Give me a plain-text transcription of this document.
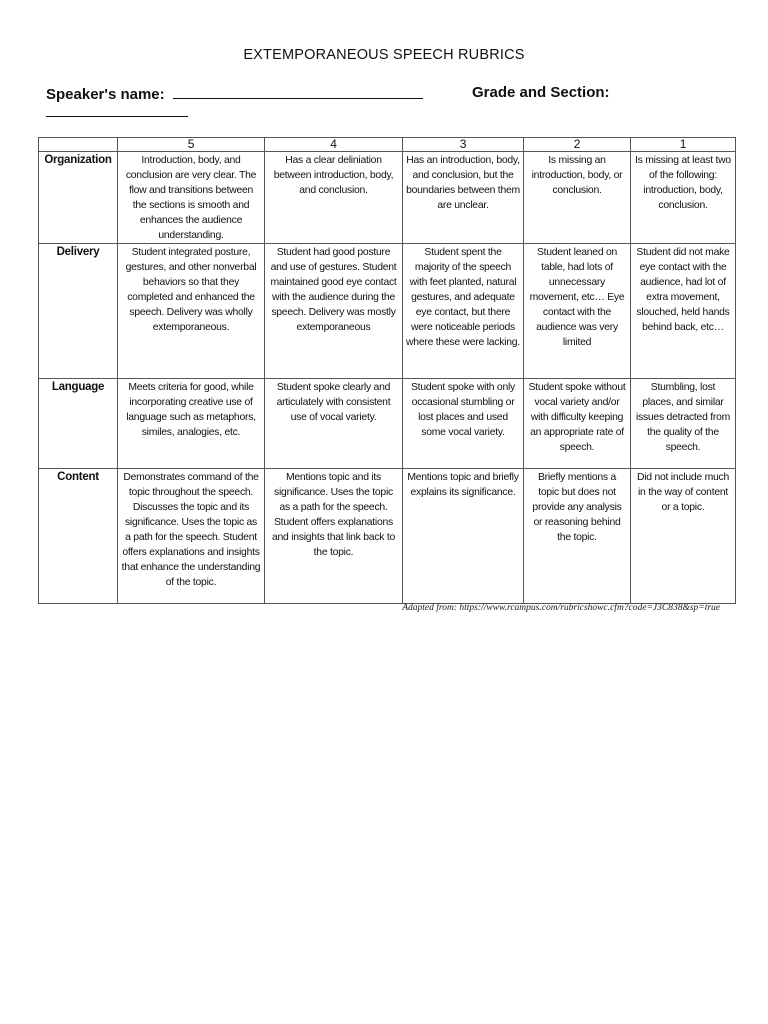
EXTEMPORANEOUS SPEECH RUBRICS
Speaker's name:	Grade and Section:
	5	4	3	2	1
Organization	Introduction, body, and conclusion are very clear. The flow and transitions between the sections is smooth and enhances the audience understanding.	Has a clear deliniation between introduction, body, and conclusion.	Has an introduction, body, and conclusion, but the boundaries between them are unclear.	Is missing an introduction, body, or conclusion.	Is missing at least two of the following: introduction, body, conclusion.
Delivery	Student integrated posture, gestures, and other nonverbal behaviors so that they completed and enhanced the speech. Delivery was wholly extemporaneous.	Student had good posture and use of gestures. Student maintained good eye contact with the audience during the speech. Delivery was mostly extemporaneous	Student spent the majority of the speech with feet planted, natural gestures, and adequate eye contact, but there were noticeable periods where these were lacking.	Student leaned on table, had lots of unnecessary movement, etc… Eye contact with the audience was very limited	Student did not make eye contact with the audience, had lot of extra movement, slouched, held hands behind back, etc…
Language	Meets criteria for good, while incorporating creative use of language such as metaphors, similes, analogies, etc.	Student spoke clearly and articulately with consistent use of vocal variety.	Student spoke with only occasional stumbling or lost places and used some vocal variety.	Student spoke without vocal variety and/or with difficulty keeping an appropriate rate of speech.	Stumbling, lost places, and similar issues detracted from the quality of the speech.
Content	Demonstrates command of the topic throughout the speech. Discusses the topic and its significance. Uses the topic as a path for the speech. Student offers explanations and insights that enhance the understanding of the topic.	Mentions topic and its significance. Uses the topic as a path for the speech. Student offers explanations and insights that link back to the topic.	Mentions topic and briefly explains its significance.	Briefly mentions a topic but does not provide any analysis or reasoning behind the topic.	Did not include much in the way of content or a topic.
Adapted from: https://www.rcampus.com/rubricshowc.cfm?code=J3C838&sp=true
